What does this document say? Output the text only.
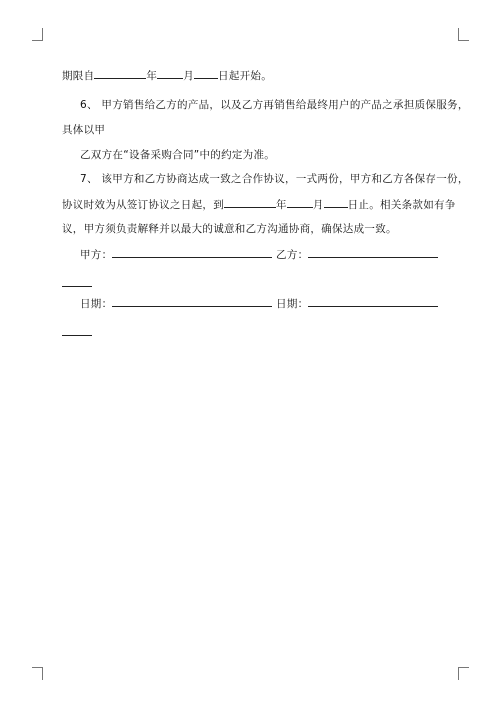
期限自	年 月 日起开始。
6、 甲方销售给乙方的产品，以及乙方再销售给最终用户的产品之承担质保服务，
具体以甲
乙双方在“设备采购合同”中的约定为准。
7、 该甲方和乙方协商达成一致之合作协议，一式两份，甲方和乙方各保存一份，
协议时效为从签订协议之日起，到	年 月 日止。相关条款如有争
议，甲方须负责解释并以最大的诚意和乙方沟通协商，确保达成一致。
甲方：	乙方：
日期：	日期：
